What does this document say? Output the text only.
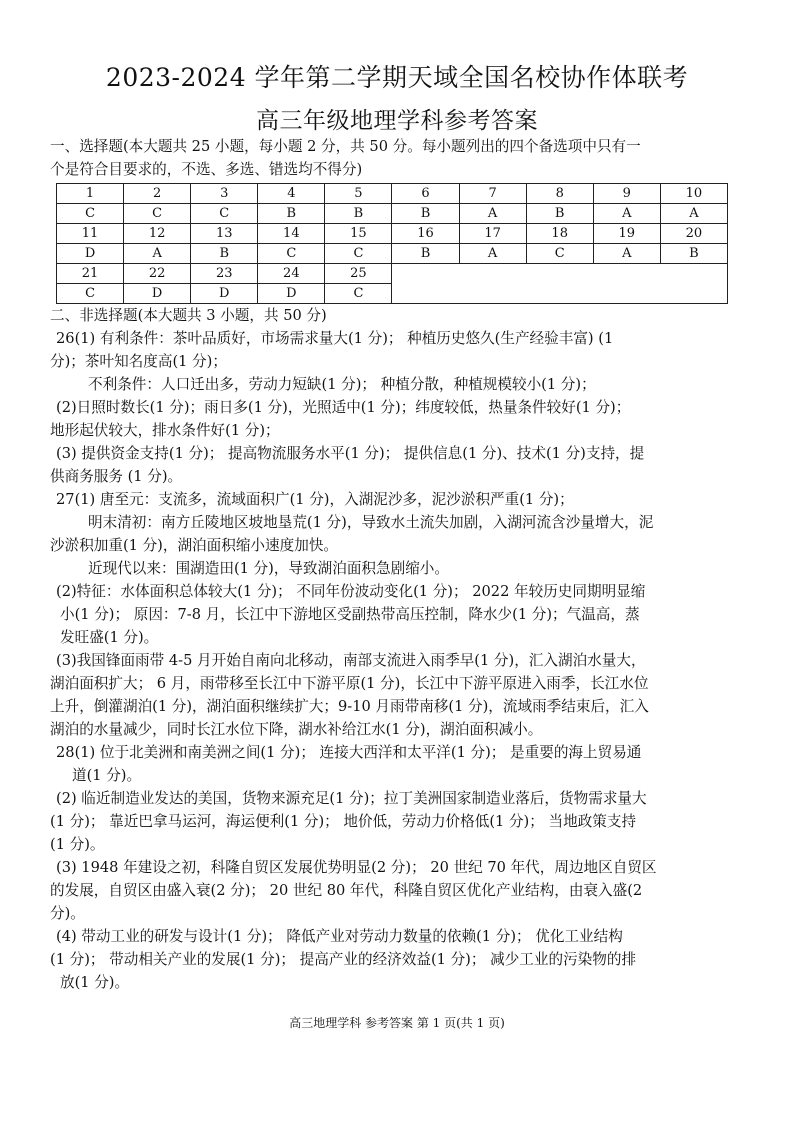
2023-2024 学年第二学期天域全国名校协作体联考
高三年级地理学科参考答案

一、选择题(本大题共 25 小题，每小题 2 分，共 50 分。每小题列出的四个备选项中只有一

个是符合目要求的，不选、多选、错选均不得分)

1	2	3	4	5	6	7	8	9	10
C	C	C	B	B	B	A	B	A	A
11	12	13	14	15	16	17	18	19	20
D	A	B	C	C	B	A	C	A	B
21	22	23	24	25					
C	D	D	D	C					

二、非选择题(本大题共 3 小题，共 50 分)

26(1) 有利条件：茶叶品质好，市场需求量大(1 分)； 种植历史悠久(生产经验丰富) (1

分)；茶叶知名度高(1 分)；

不利条件：人口迁出多，劳动力短缺(1 分)； 种植分散，种植规模较小(1 分)；

(2)日照时数长(1 分)；雨日多(1 分)，光照适中(1 分)；纬度较低，热量条件较好(1 分)；

地形起伏较大，排水条件好(1 分)；

(3) 提供资金支持(1 分)； 提高物流服务水平(1 分)； 提供信息(1 分)、技术(1 分)支持，提

供商务服务 (1 分)。

27(1) 唐至元：支流多，流域面积广(1 分)，入湖泥沙多，泥沙淤积严重(1 分)；

明末清初：南方丘陵地区坡地垦荒(1 分)，导致水土流失加剧，入湖河流含沙量增大，泥

沙淤积加重(1 分)，湖泊面积缩小速度加快。

近现代以来：围湖造田(1 分)，导致湖泊面积急剧缩小。

(2)特征：水体面积总体较大(1 分)； 不同年份波动变化(1 分)； 2022 年较历史同期明显缩

小(1 分)； 原因：7-8 月，长江中下游地区受副热带高压控制，降水少(1 分)；气温高，蒸

发旺盛(1 分)。

(3)我国锋面雨带 4-5 月开始自南向北移动，南部支流进入雨季早(1 分)，汇入湖泊水量大，

湖泊面积扩大； 6 月，雨带移至长江中下游平原(1 分)，长江中下游平原进入雨季，长江水位

上升，倒灌湖泊(1 分)，湖泊面积继续扩大；9-10 月雨带南移(1 分)，流域雨季结束后，汇入

湖泊的水量减少，同时长江水位下降，湖水补给江水(1 分)，湖泊面积减小。

28(1) 位于北美洲和南美洲之间(1 分)； 连接大西洋和太平洋(1 分)； 是重要的海上贸易通

道(1 分)。

(2) 临近制造业发达的美国，货物来源充足(1 分)；拉丁美洲国家制造业落后，货物需求量大

(1 分)； 靠近巴拿马运河，海运便利(1 分)； 地价低，劳动力价格低(1 分)； 当地政策支持

(1 分)。

(3) 1948 年建设之初，科隆自贸区发展优势明显(2 分)； 20 世纪 70 年代，周边地区自贸区

的发展，自贸区由盛入衰(2 分)； 20 世纪 80 年代，科隆自贸区优化产业结构，由衰入盛(2

分)。

(4) 带动工业的研发与设计(1 分)； 降低产业对劳动力数量的依赖(1 分)； 优化工业结构

(1 分)； 带动相关产业的发展(1 分)； 提高产业的经济效益(1 分)； 减少工业的污染物的排

放(1 分)。

高三地理学科 参考答案 第 1 页(共 1 页)
